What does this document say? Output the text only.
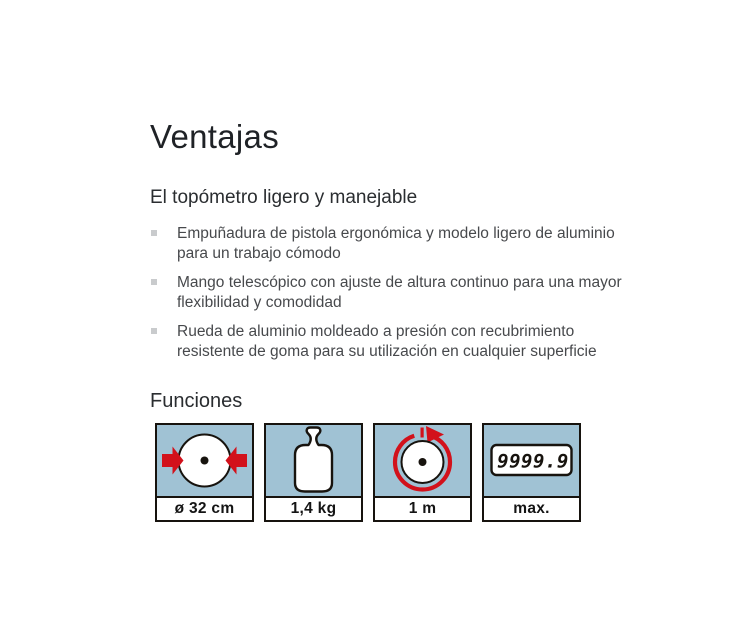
Ventajas
El topómetro ligero y manejable
Empuñadura de pistola ergonómica y modelo ligero de aluminio para un trabajo cómodo
Mango telescópico con ajuste de altura continuo para una mayor flexibilidad y comodidad
Rueda de aluminio moldeado a presión con recubrimiento resistente de goma para su utilización en cualquier superficie
Funciones
ø 32 cm	1,4 kg	1 m
9999.9
max.
